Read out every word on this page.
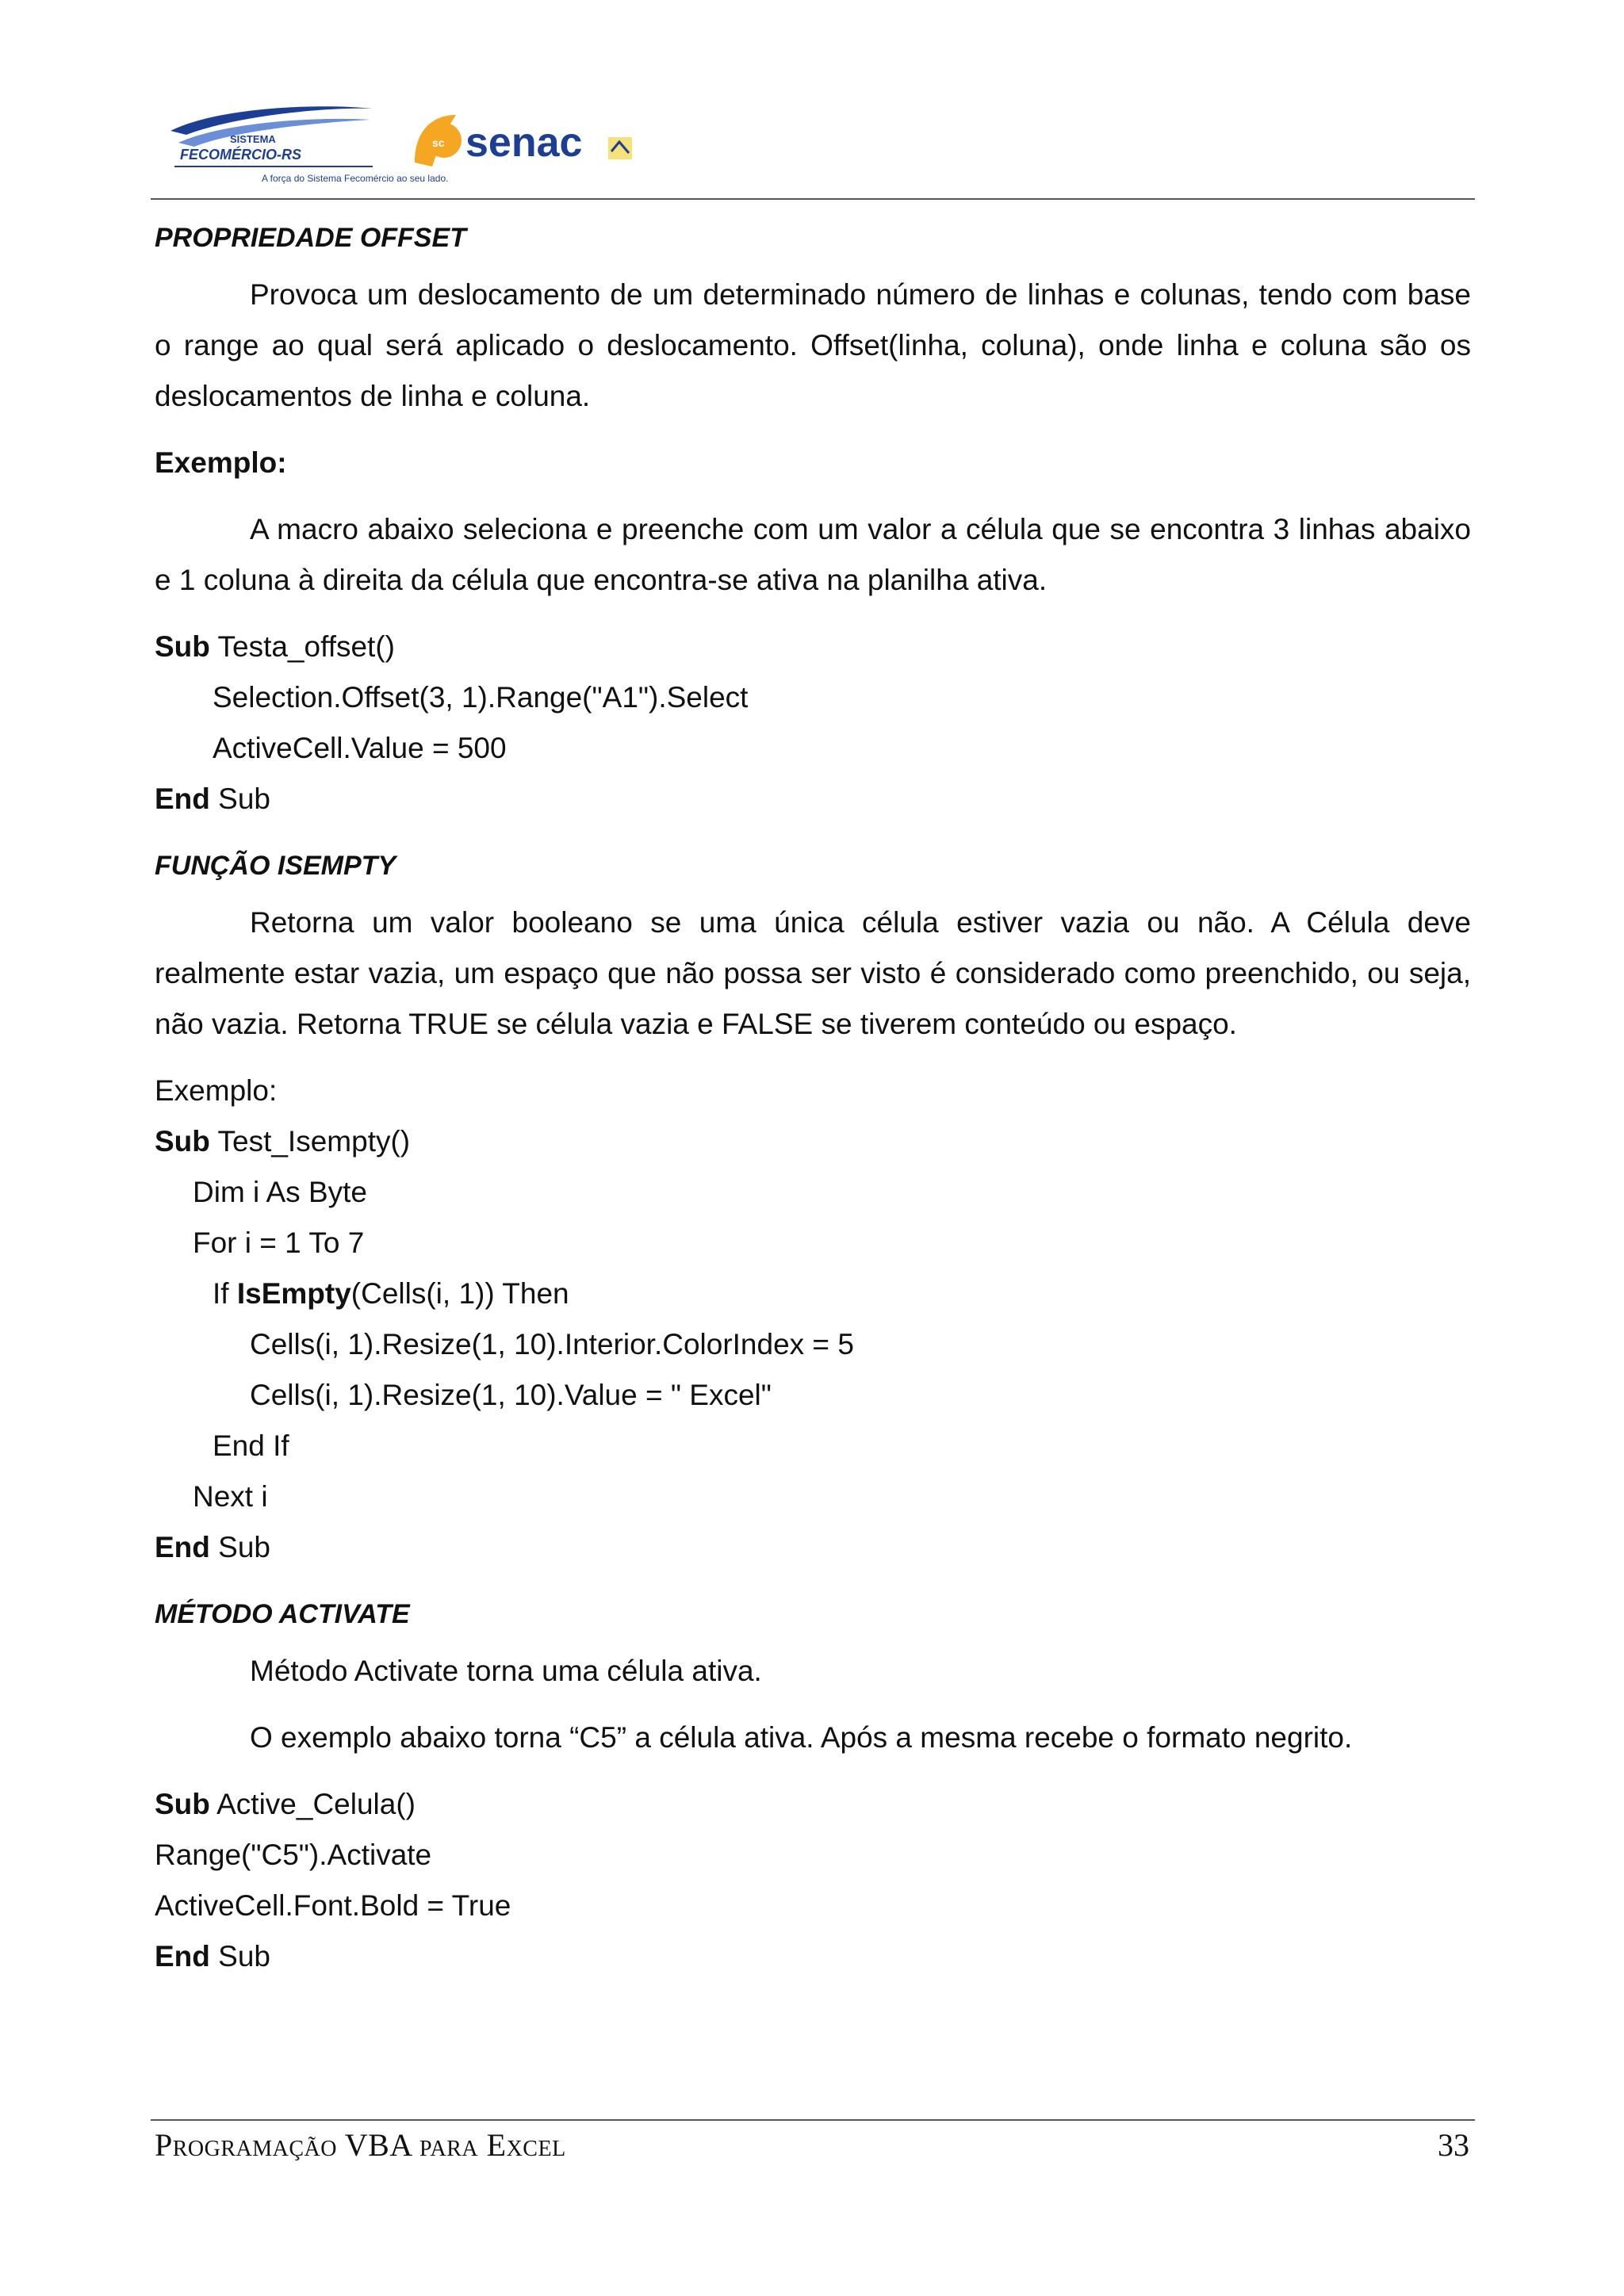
SISTEMA
FECOMÉRCIO-RS
A força do Sistema Fecomércio ao seu lado.
sc senac
PROPRIEDADE OFFSET

Provoca um deslocamento de um determinado número de linhas e colunas, tendo com base o range ao qual será aplicado o deslocamento. Offset(linha, coluna), onde linha e coluna são os deslocamentos de linha e coluna.

Exemplo:

A macro abaixo seleciona e preenche com um valor a célula que se encontra 3 linhas abaixo e 1 coluna à direita da célula que encontra-se ativa na planilha ativa.

Sub Testa_offset()
Selection.Offset(3, 1).Range("A1").Select
ActiveCell.Value = 500
End Sub
FUNÇÃO ISEMPTY

Retorna um valor booleano se uma única célula estiver vazia ou não. A Célula deve realmente estar vazia, um espaço que não possa ser visto é considerado como preenchido, ou seja, não vazia. Retorna TRUE se célula vazia e FALSE se tiverem conteúdo ou espaço.

Exemplo:
Sub Test_Isempty()
Dim i As Byte
For i = 1 To 7
If IsEmpty(Cells(i, 1)) Then
Cells(i, 1).Resize(1, 10).Interior.ColorIndex = 5
Cells(i, 1).Resize(1, 10).Value = " Excel"
End If
Next i
End Sub
MÉTODO ACTIVATE
Método Activate torna uma célula ativa.
O exemplo abaixo torna “C5” a célula ativa. Após a mesma recebe o formato negrito.
Sub Active_Celula()
Range("C5").Activate
ActiveCell.Font.Bold = True
End Sub
Programação VBA para Excel	33
